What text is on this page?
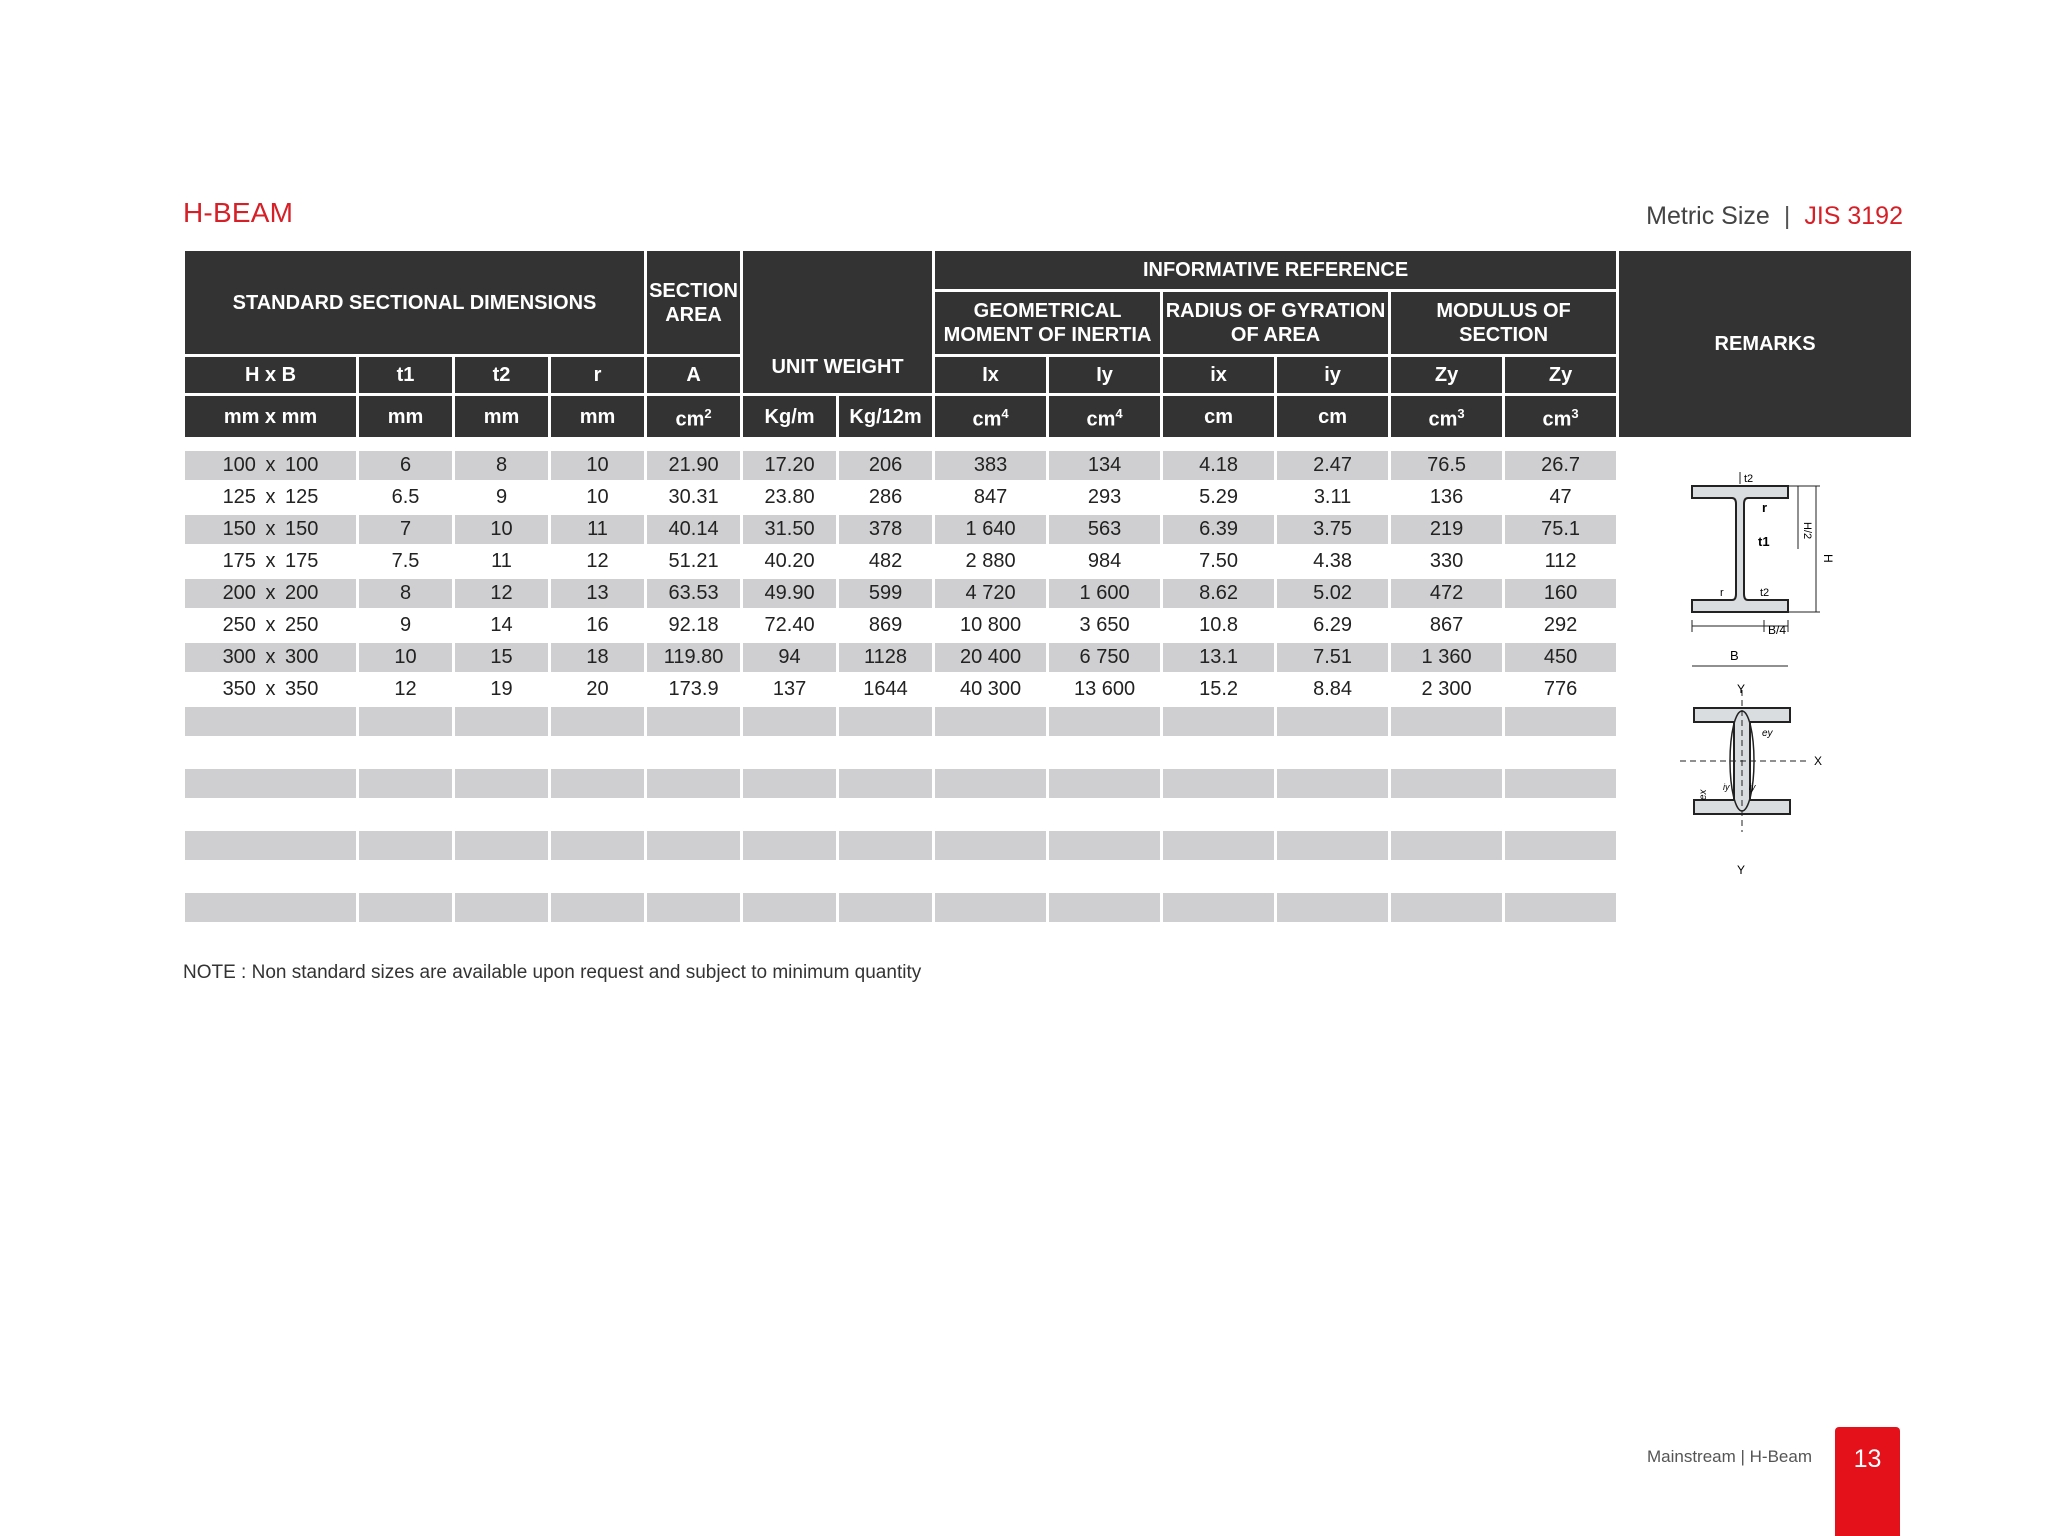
H-BEAM	Metric Size | JIS 3192
STANDARD SECTIONAL DIMENSIONS				SECTION AREA	UNIT WEIGHT		INFORMATIVE REFERENCE						REMARKS
							GEOMETRICAL MOMENT OF INERTIA		RADIUS OF GYRATION OF AREA		MODULUS OF SECTION		
H x B	t1	t2	r	A			Ix	Iy	ix	iy	Zy	Zy	
mm x mm	mm	mm	mm	$cm^2$	Kg/m	Kg/12m	$cm^4$	$cm^4$	cm	cm	$cm^3$	$cm^3$

100 x 100	6	8	10	21.90	17.20	206	383	134	4.18	2.47	76.5	26.7	
125 x 125	6.5	9	10	30.31	23.80	286	847	293	5.29	3.11	136	47	
150 x 150	7	10	11	40.14	31.50	378	1 640	563	6.39	3.75	219	75.1	
175 x 175	7.5	11	12	51.21	40.20	482	2 880	984	7.50	4.38	330	112	
200 x 200	8	12	13	63.53	49.90	599	4 720	1 600	8.62	5.02	472	160	
250 x 250	9	14	16	92.18	72.40	869	10 800	3 650	10.8	6.29	867	292	
300 x 300	10	15	18	119.80	94	1128	20 400	6 750	13.1	7.51	1 360	450	
350 x 350	12	19	20	173.9	137	1644	40 300	13 600	15.2	8.84	2 300	776	

t2
r
t1
r	t2
H/2
H
B/4
B
Y
Y
X
ey
ex
iy iy
NOTE : Non standard sizes are available upon request and subject to minimum quantity
Mainstream | H-Beam	13
